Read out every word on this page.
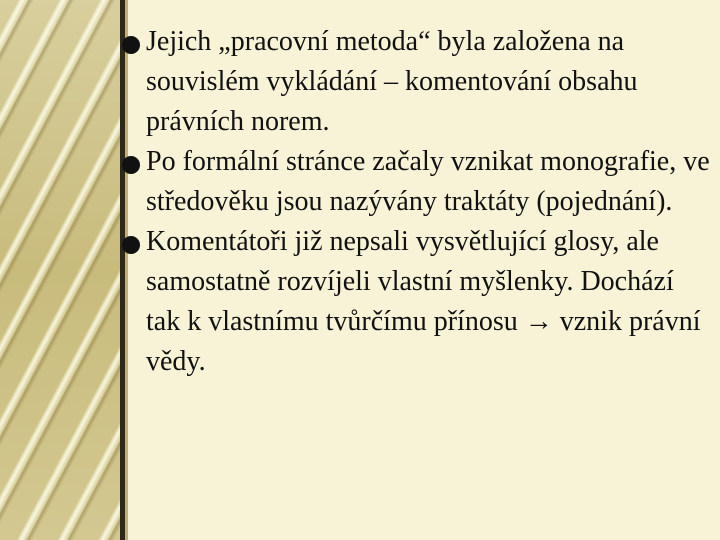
Jejich „pracovní metoda“ byla založena na souvislém vykládání – komentování obsahu právních norem.

Po formální stránce začaly vznikat monografie, ve středověku jsou nazývány traktáty (pojednání).

Komentátoři již nepsali vysvětlující glosy, ale samostatně rozvíjeli vlastní myšlenky. Dochází tak k vlastnímu tvůrčímu přínosu → vznik právní vědy.
